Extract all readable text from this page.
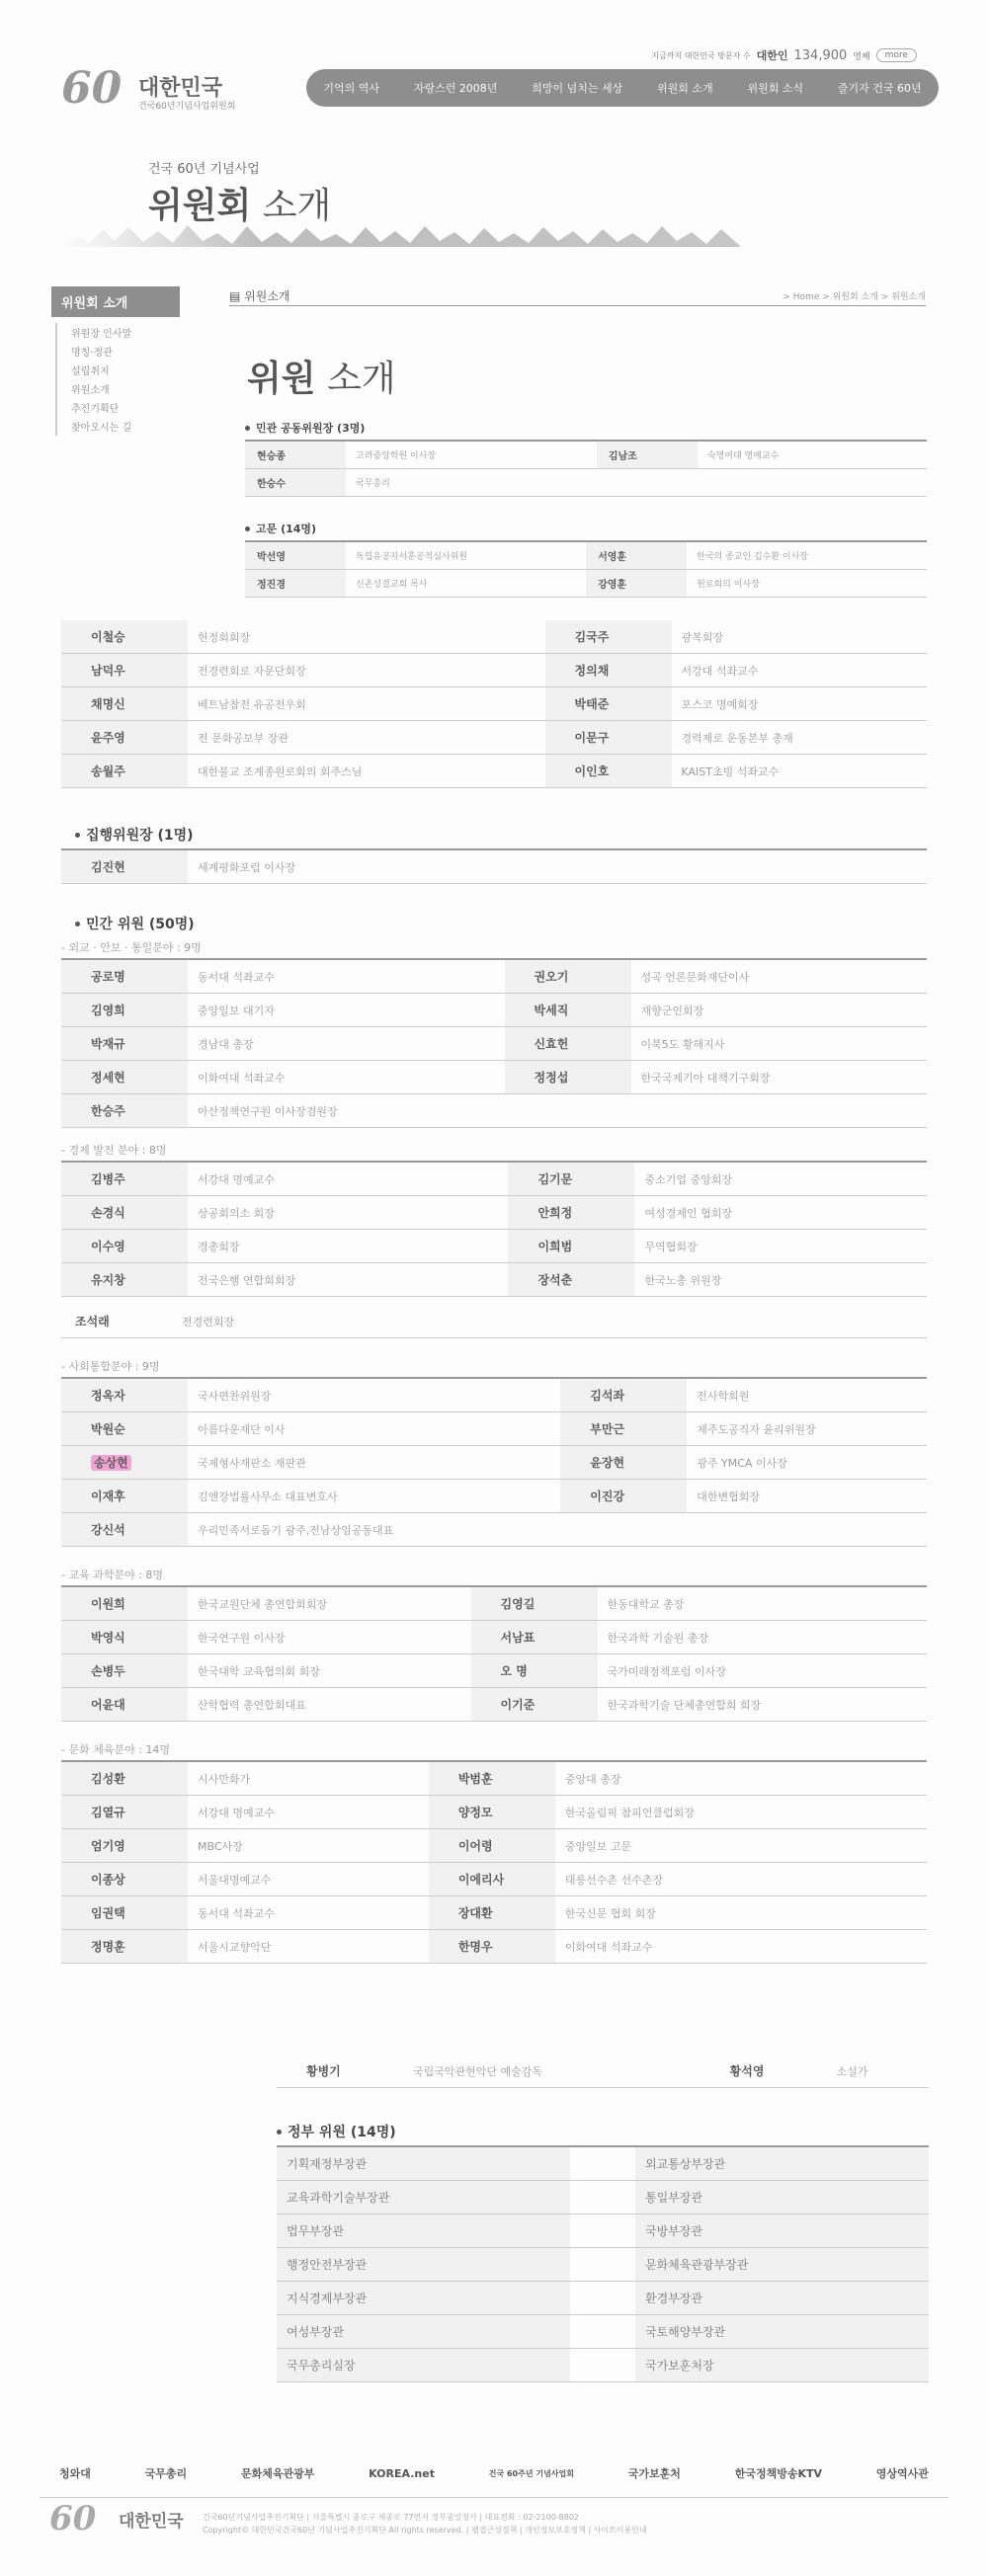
60 대한민국
건국60년기념사업위원회
지금까지 대한민국 방문자 수 대한인 134,900 명째	more
기억의 역사	자랑스런 2008년	희망이 넘치는 세상	위원회 소개	위원회 소식	즐기자 건국 60년
건국 60년 기념사업
위원회 소개
위원회 소개
위원장 인사말
명칭·정관
설립취지
위원소개
추진기획단
찾아오시는 길
▤ 위원소개	> Home > 위원회 소개 > 위원소개
위원 소개
민관 공동위원장 (3명)
현승종	고려중앙학원 이사장	김남조	숙명여대 명예교수
한승수	국무총리		
고문 (14명)
박선영	독립유공자서훈공적심사위원	서영훈	한국의 종교인 김수환 이사장
정진경	신촌성결교회 목사	강영훈	원로회의 이사장
이철승	헌정회회장	김국주	광복회장
남덕우	전경련회로 자문단회장	정의채	서강대 석좌교수
채명신	베트남참전 유공전우회	박태준	포스코 명예회장
윤주영	전 문화공보부 장관	이문구	경력제로 운동본부 총재
송월주	대한불교 조계종원로회의 회주스님	이인호	KAIST초빙 석좌교수
집행위원장 (1명)
김진현	세계평화포럼 이사장		
민간 위원 (50명)
- 외교 · 안보 · 통일분야 : 9명
공로명	동서대 석좌교수	권오기	성곡 언론문화재단이사
김영희	중앙일보 대기자	박세직	재향군인회장
박재규	경남대 총장	신효헌	이북5도 황해지사
정세현	이화여대 석좌교수	정정섭	한국국제기아 대책기구회장
한승주	아산정책연구원 이사장겸원장		
- 경제 발전 분야 : 8명
김병주	서강대 명예교수	김기문	중소기업 중앙회장
손경식	상공회의소 회장	안희정	여성경제인 협회장
이수영	경총회장	이희범	무역협회장
유지창	전국은행 연합회회장	장석춘	한국노총 위원장
조석래	전경련회장
- 사회통합분야 : 9명
정옥자	국사편찬위원장	김석좌	전사학회원
박원순	아름다운재단 이사	부만근	제주도공직자 윤리위원장
송상현	국제형사재판소 재판관	윤장현	광주 YMCA 이사장
이재후	김앤장법률사무소 대표변호사	이진강	대한변협회장
강신석	우리민족서로돕기 광주,전남상임공동대표		
- 교육 과학분야 : 8명
이원희	한국교원단체 총연합회회장	김영길	한동대학교 총장
박영식	한국연구원 이사장	서남표	한국과학 기술원 총장
손병두	한국대학 교육협의회 회장	오 명	국가미래정책포럼 이사장
어윤대	산학협력 총연합회대표	이기준	한국과학기술 단체총연합회 회장
- 문화 체육분야 : 14명
김성환	시사만화가	박범훈	중앙대 총장
김열규	서강대 명예교수	양정모	한국올림픽 참피언클럽회장
엄기영	MBC사장	이어령	중앙일보 고문
이종상	서울대명예교수	이에리사	태릉선수촌 선수촌장
임권택	동서대 석좌교수	장대환	한국신문 협회 회장
정명훈	서울시교향악단	한명우	이화여대 석좌교수
황병기	국립국악관현악단 예술감독	황석영	소설가
정부 위원 (14명)
기획재정부장관		외교통상부장관
교육과학기술부장관		통일부장관
법무부장관		국방부장관
행정안전부장관		문화체육관광부장관
지식경제부장관		환경부장관
여성부장관		국토해양부장관
국무총리실장		국가보훈처장
청와대	국무총리	문화체육관광부	KOREA.net	건국 60주년 기념사업회	국가보훈처	한국정책방송KTV	영상역사관
60 대한민국 건국60년기념사업추진기획단 | 서울특별시 종로구 세종로 77번지 정부중앙청사 | 대표전화 : 02-2100-8802
Copyright© 대한민국건국60년 기념사업추진기획단 All rights reserved. | 웹접근성정책 | 개인정보보호정책 | 사이트이용안내
